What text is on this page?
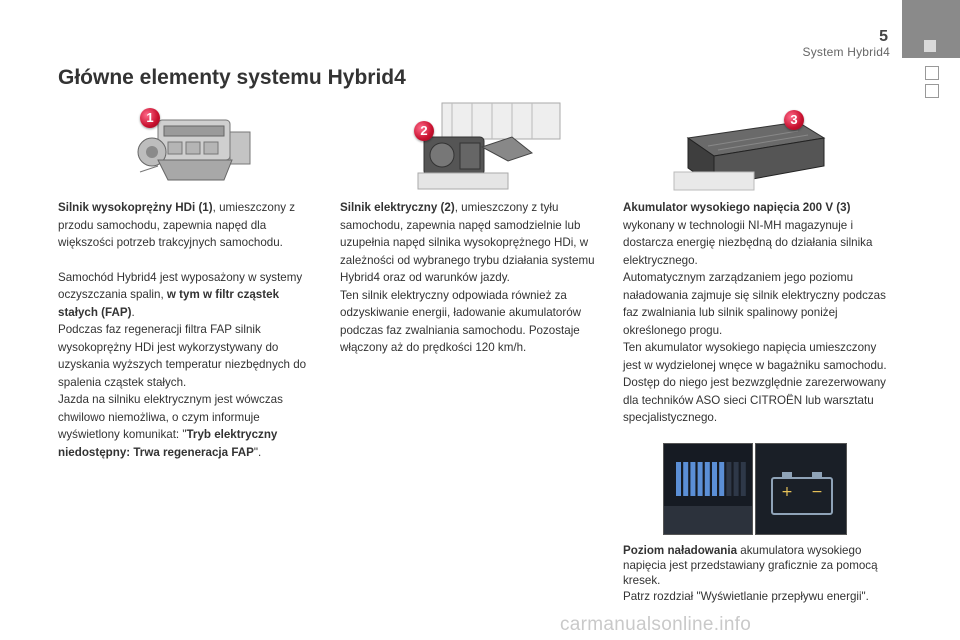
5
System Hybrid4
Główne elementy systemu Hybrid4
1
2
3

Silnik wysokoprężny HDi (1), umieszczony z przodu samochodu, zapewnia napęd dla większości potrzeb trakcyjnych samochodu.

Samochód Hybrid4 jest wyposażony w systemy oczyszczania spalin, w tym w filtr cząstek stałych (FAP).

Podczas faz regeneracji filtra FAP silnik wysokoprężny HDi jest wykorzystywany do uzyskania wyższych temperatur niezbędnych do spalenia cząstek stałych.

Jazda na silniku elektrycznym jest wówczas chwilowo niemożliwa, o czym informuje wyświetlony komunikat: "Tryb elektryczny niedostępny: Trwa regeneracja FAP".

Silnik elektryczny (2), umieszczony z tyłu samochodu, zapewnia napęd samodzielnie lub uzupełnia napęd silnika wysokoprężnego HDi, w zależności od wybranego trybu działania systemu Hybrid4 oraz od warunków jazdy.

Ten silnik elektryczny odpowiada również za odzyskiwanie energii, ładowanie akumulatorów podczas faz zwalniania samochodu. Pozostaje włączony aż do prędkości 120 km/h.

Akumulator wysokiego napięcia 200 V (3)

wykonany w technologii NI-MH magazynuje i dostarcza energię niezbędną do działania silnika elektrycznego.

Automatycznym zarządzaniem jego poziomu naładowania zajmuje się silnik elektryczny podczas faz zwalniania lub silnik spalinowy poniżej określonego progu.

Ten akumulator wysokiego napięcia umieszczony jest w wydzielonej wnęce w bagażniku samochodu. Dostęp do niego jest bezwzględnie zarezerwowany dla techników ASO sieci CITROËN lub warsztatu specjalistycznego.

+ −

Poziom naładowania akumulatora wysokiego napięcia jest przedstawiany graficznie za pomocą kresek.

Patrz rozdział "Wyświetlanie przepływu energii".

carmanualsonline.info
